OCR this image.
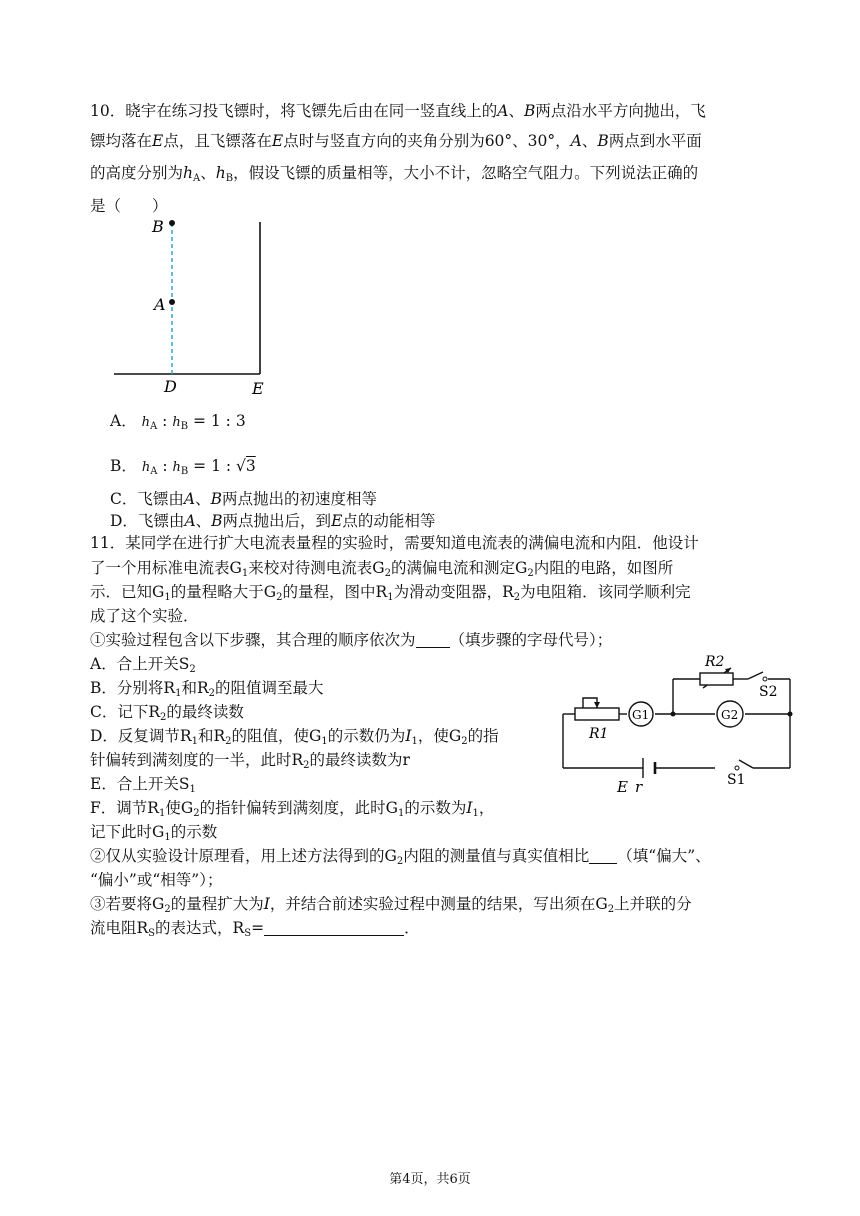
10．晓宇在练习投飞镖时，将飞镖先后由在同一竖直线上的A、B两点沿水平方向抛出，飞
镖均落在E点，且飞镖落在E点时与竖直方向的夹角分别为60°、30°，A、B两点到水平面
的高度分别为$h_A$、$h_B$，假设飞镖的质量相等，大小不计，忽略空气阻力。下列说法正确的
是（　　）
B
A
D	E
A． $h_A$ : $h_B = 1$ : 3
B． $h_A$ : $h_B = 1$ : √3
C．飞镖由A、B两点抛出的初速度相等
D．飞镖由A、B两点抛出后，到E点的动能相等
11．某同学在进行扩大电流表量程的实验时，需要知道电流表的满偏电流和内阻．他设计
了一个用标准电流表$G_1$来校对待测电流表$G_2$的满偏电流和测定$G_2$内阻的电路，如图所
示．已知$G_1$的量程略大于$G_2$的量程，图中$R_1$为滑动变阻器，$R_2$为电阻箱．该同学顺利完
成了这个实验．
①实验过程包含以下步骤，其合理的顺序依次为 （填步骤的字母代号）；
A．合上开关$S_2$
B．分别将$R_1$和$R_2$的阻值调至最大
C．记下$R_2$的最终读数
D．反复调节$R_1$和$R_2$的阻值，使$G_1$的示数仍为$I_1$，使$G_2$的指
针偏转到满刻度的一半，此时$R_2$的最终读数为r
E．合上开关$S_1$
F．调节$R_1$使$G_2$的指针偏转到满刻度，此时$G_1$的示数为$I_1$，
记下此时$G_1$的示数
②仅从实验设计原理看，用上述方法得到的$G_2$内阻的测量值与真实值相比 （填“偏大”、
“偏小”或“相等”）；
③若要将$G_2$的量程扩大为I，并结合前述实验过程中测量的结果，写出须在$G_2$上并联的分
流电阻$R_S$的表达式，$R_S=$	．
R2
S2
R1
G1	G2
E r	S1
第4页，共6页
